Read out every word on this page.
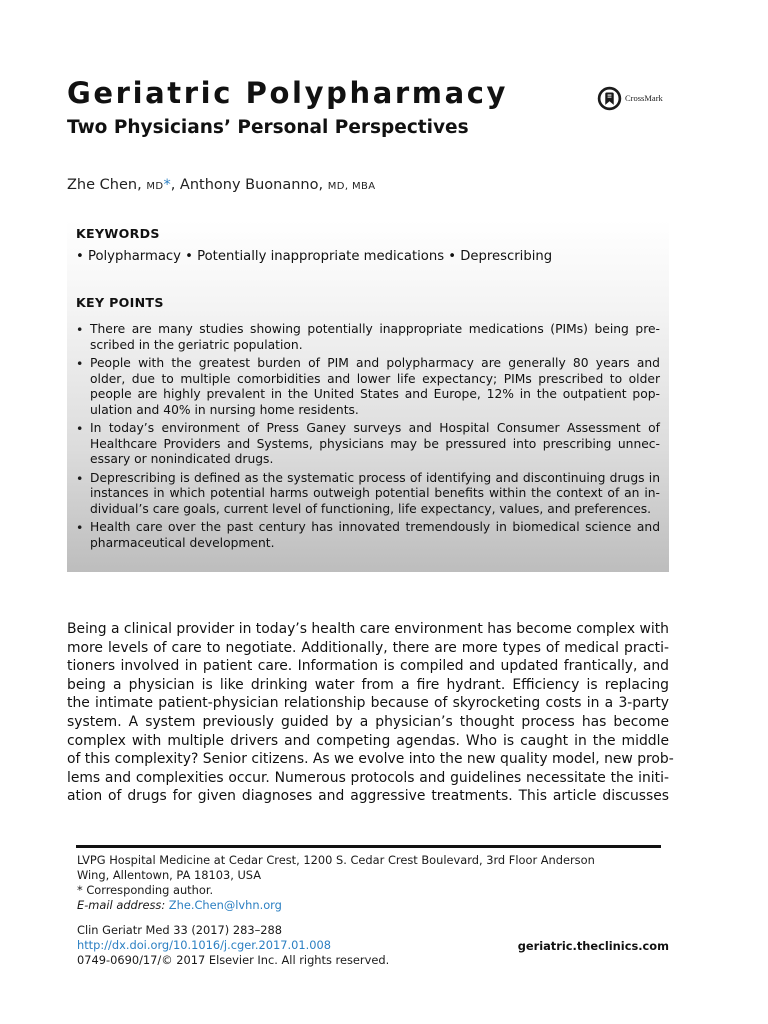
Geriatric Polypharmacy
Two Physicians’ Personal Perspectives
CrossMark
Zhe Chen, MD*, Anthony Buonanno, MD, MBA
KEYWORDS
• Polypharmacy • Potentially inappropriate medications • Deprescribing
KEY POINTS
• There are many studies showing potentially inappropriate medications (PIMs) being pre-
scribed in the geriatric population.
• People with the greatest burden of PIM and polypharmacy are generally 80 years and
older, due to multiple comorbidities and lower life expectancy; PIMs prescribed to older
people are highly prevalent in the United States and Europe, 12% in the outpatient pop-
ulation and 40% in nursing home residents.
• In today’s environment of Press Ganey surveys and Hospital Consumer Assessment of
Healthcare Providers and Systems, physicians may be pressured into prescribing unnec-
essary or nonindicated drugs.
• Deprescribing is defined as the systematic process of identifying and discontinuing drugs in
instances in which potential harms outweigh potential benefits within the context of an in-
dividual’s care goals, current level of functioning, life expectancy, values, and preferences.
• Health care over the past century has innovated tremendously in biomedical science and
pharmaceutical development.
Being a clinical provider in today’s health care environment has become complex with
more levels of care to negotiate. Additionally, there are more types of medical practi-
tioners involved in patient care. Information is compiled and updated frantically, and
being a physician is like drinking water from a fire hydrant. Efficiency is replacing
the intimate patient-physician relationship because of skyrocketing costs in a 3-party
system. A system previously guided by a physician’s thought process has become
complex with multiple drivers and competing agendas. Who is caught in the middle
of this complexity? Senior citizens. As we evolve into the new quality model, new prob-
lems and complexities occur. Numerous protocols and guidelines necessitate the initi-
ation of drugs for given diagnoses and aggressive treatments. This article discusses
LVPG Hospital Medicine at Cedar Crest, 1200 S. Cedar Crest Boulevard, 3rd Floor Anderson
Wing, Allentown, PA 18103, USA
* Corresponding author.
E-mail address: Zhe.Chen@lvhn.org
Clin Geriatr Med 33 (2017) 283–288
http://dx.doi.org/10.1016/j.cger.2017.01.008
0749-0690/17/© 2017 Elsevier Inc. All rights reserved.
geriatric.theclinics.com
